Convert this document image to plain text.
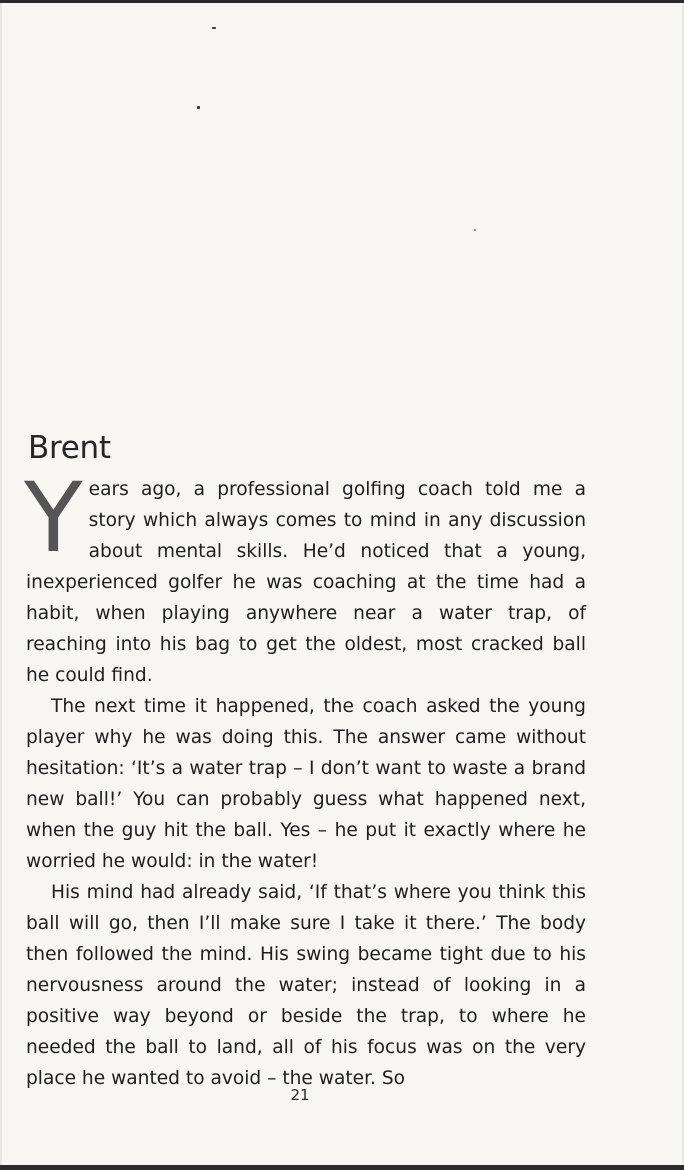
Brent

Years ago, a professional golfing coach told me a story which always comes to mind in any discussion about mental skills. He’d noticed that a young, inexperienced golfer he was coaching at the time had a habit, when playing anywhere near a water trap, of reaching into his bag to get the oldest, most cracked ball he could find.

The next time it happened, the coach asked the young player why he was doing this. The answer came without hesitation: ‘It’s a water trap – I don’t want to waste a brand new ball!’ You can probably guess what happened next, when the guy hit the ball. Yes – he put it exactly where he worried he would: in the water!

His mind had already said, ‘If that’s where you think this ball will go, then I’ll make sure I take it there.’ The body then followed the mind. His swing became tight due to his nervousness around the water; instead of looking in a positive way beyond or beside the trap, to where he needed the ball to land, all of his focus was on the very place he wanted to avoid – the water. So

21
